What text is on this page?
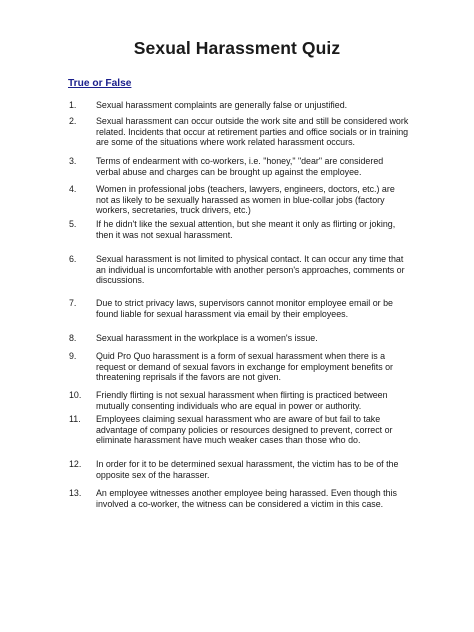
Sexual Harassment Quiz
True or False
1.	Sexual harassment complaints are generally false or unjustified.
2.	Sexual harassment can occur outside the work site and still be considered work related. Incidents that occur at retirement parties and office socials or in training are some of the situations where work related harassment occurs.
3.	Terms of endearment with co-workers, i.e. "honey," "dear" are considered verbal abuse and charges can be brought up against the employee.
4.	Women in professional jobs (teachers, lawyers, engineers, doctors, etc.) are not as likely to be sexually harassed as women in blue-collar jobs (factory workers, secretaries, truck drivers, etc.)
5.	If he didn't like the sexual attention, but she meant it only as flirting or joking, then it was not sexual harassment.
6.	Sexual harassment is not limited to physical contact. It can occur any time that an individual is uncomfortable with another person's approaches, comments or discussions.
7.	Due to strict privacy laws, supervisors cannot monitor employee email or be found liable for sexual harassment via email by their employees.
8.	Sexual harassment in the workplace is a women's issue.
9.	Quid Pro Quo harassment is a form of sexual harassment when there is a request or demand of sexual favors in exchange for employment benefits or threatening reprisals if the favors are not given.
10.	Friendly flirting is not sexual harassment when flirting is practiced between mutually consenting individuals who are equal in power or authority.
11.	Employees claiming sexual harassment who are aware of but fail to take advantage of company policies or resources designed to prevent, correct or eliminate harassment have much weaker cases than those who do.
12.	In order for it to be determined sexual harassment, the victim has to be of the opposite sex of the harasser.
13.	An employee witnesses another employee being harassed. Even though this involved a co-worker, the witness can be considered a victim in this case.
